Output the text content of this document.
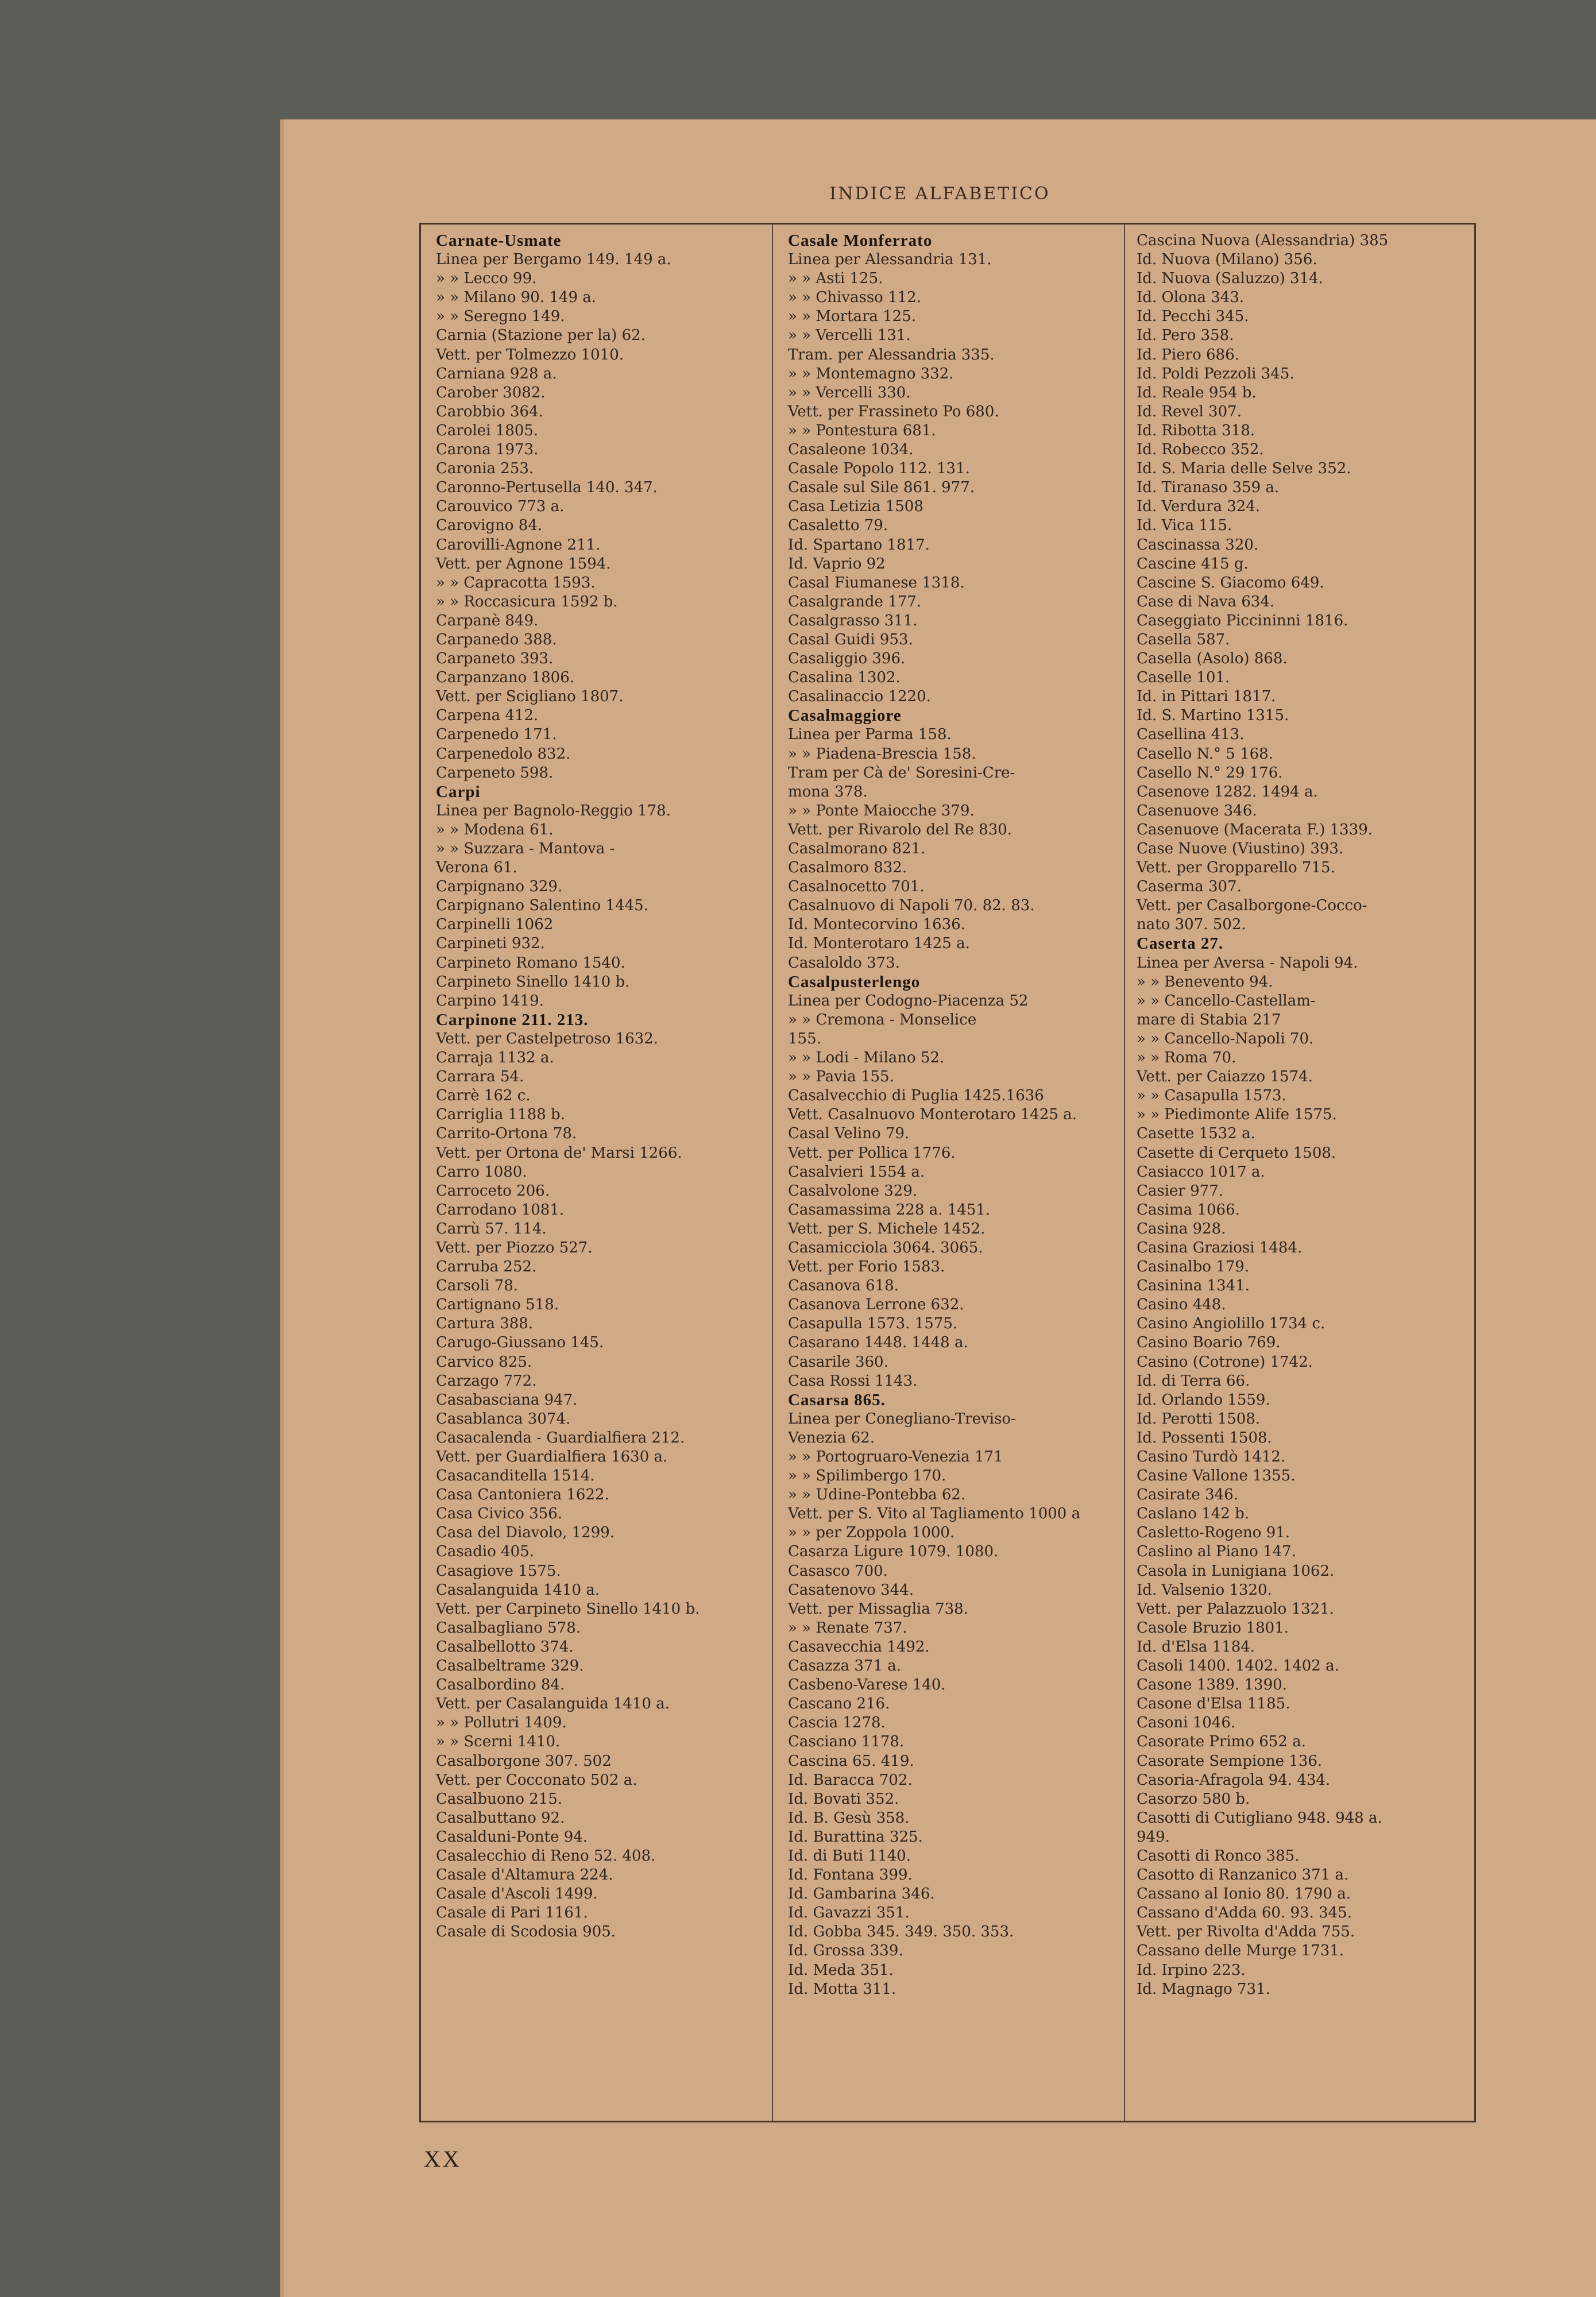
INDICE ALFABETICO
Carnate-Usmate
Linea per Bergamo 149. 149 a.
» » Lecco 99.
» » Milano 90. 149 a.
» » Seregno 149.
Carnia (Stazione per la) 62.
Vett. per Tolmezzo 1010.
Carniana 928 a.
Carober 3082.
Carobbio 364.
Carolei 1805.
Carona 1973.
Caronia 253.
Caronno-Pertusella 140. 347.
Carouvico 773 a.
Carovigno 84.
Carovilli-Agnone 211.
Vett. per Agnone 1594.
» » Capracotta 1593.
» » Roccasicura 1592 b.
Carpanè 849.
Carpanedo 388.
Carpaneto 393.
Carpanzano 1806.
Vett. per Scigliano 1807.
Carpena 412.
Carpenedo 171.
Carpenedolo 832.
Carpeneto 598.
Carpi
Linea per Bagnolo-Reggio 178.
» » Modena 61.
» » Suzzara - Mantova -
Verona 61.
Carpignano 329.
Carpignano Salentino 1445.
Carpinelli 1062
Carpineti 932.
Carpineto Romano 1540.
Carpineto Sinello 1410 b.
Carpino 1419.
Carpinone 211. 213.
Vett. per Castelpetroso 1632.
Carraja 1132 a.
Carrara 54.
Carrè 162 c.
Carriglia 1188 b.
Carrito-Ortona 78.
Vett. per Ortona de' Marsi 1266.
Carro 1080.
Carroceto 206.
Carrodano 1081.
Carrù 57. 114.
Vett. per Piozzo 527.
Carruba 252.
Carsoli 78.
Cartignano 518.
Cartura 388.
Carugo-Giussano 145.
Carvico 825.
Carzago 772.
Casabasciana 947.
Casablanca 3074.
Casacalenda - Guardialfiera 212.
Vett. per Guardialfiera 1630 a.
Casacanditella 1514.
Casa Cantoniera 1622.
Casa Civico 356.
Casa del Diavolo, 1299.
Casadio 405.
Casagiove 1575.
Casalanguida 1410 a.
Vett. per Carpineto Sinello 1410 b.
Casalbagliano 578.
Casalbellotto 374.
Casalbeltrame 329.
Casalbordino 84.
Vett. per Casalanguida 1410 a.
» » Pollutri 1409.
» » Scerni 1410.
Casalborgone 307. 502
Vett. per Cocconato 502 a.
Casalbuono 215.
Casalbuttano 92.
Casalduni-Ponte 94.
Casalecchio di Reno 52. 408.
Casale d'Altamura 224.
Casale d'Ascoli 1499.
Casale di Pari 1161.
Casale di Scodosia 905.
Casale Monferrato
Linea per Alessandria 131.
» » Asti 125.
» » Chivasso 112.
» » Mortara 125.
» » Vercelli 131.
Tram. per Alessandria 335.
» » Montemagno 332.
» » Vercelli 330.
Vett. per Frassineto Po 680.
» » Pontestura 681.
Casaleone 1034.
Casale Popolo 112. 131.
Casale sul Sile 861. 977.
Casa Letizia 1508
Casaletto 79.
Id. Spartano 1817.
Id. Vaprio 92
Casal Fiumanese 1318.
Casalgrande 177.
Casalgrasso 311.
Casal Guidi 953.
Casaliggio 396.
Casalina 1302.
Casalinaccio 1220.
Casalmaggiore
Linea per Parma 158.
» » Piadena-Brescia 158.
Tram per Cà de' Soresini-Cre-
mona 378.
» » Ponte Maiocche 379.
Vett. per Rivarolo del Re 830.
Casalmorano 821.
Casalmoro 832.
Casalnocetto 701.
Casalnuovo di Napoli 70. 82. 83.
Id. Montecorvino 1636.
Id. Monterotaro 1425 a.
Casaloldo 373.
Casalpusterlengo
Linea per Codogno-Piacenza 52
» » Cremona - Monselice
155.
» » Lodi - Milano 52.
» » Pavia 155.
Casalvecchio di Puglia 1425.1636
Vett. Casalnuovo Monterotaro 1425 a.
Casal Velino 79.
Vett. per Pollica 1776.
Casalvieri 1554 a.
Casalvolone 329.
Casamassima 228 a. 1451.
Vett. per S. Michele 1452.
Casamicciola 3064. 3065.
Vett. per Forio 1583.
Casanova 618.
Casanova Lerrone 632.
Casapulla 1573. 1575.
Casarano 1448. 1448 a.
Casarile 360.
Casa Rossi 1143.
Casarsa 865.
Linea per Conegliano-Treviso-
Venezia 62.
» » Portogruaro-Venezia 171
» » Spilimbergo 170.
» » Udine-Pontebba 62.
Vett. per S. Vito al Tagliamento 1000 a
» » per Zoppola 1000.
Casarza Ligure 1079. 1080.
Casasco 700.
Casatenovo 344.
Vett. per Missaglia 738.
» » Renate 737.
Casavecchia 1492.
Casazza 371 a.
Casbeno-Varese 140.
Cascano 216.
Cascia 1278.
Casciano 1178.
Cascina 65. 419.
Id. Baracca 702.
Id. Bovati 352.
Id. B. Gesù 358.
Id. Burattina 325.
Id. di Buti 1140.
Id. Fontana 399.
Id. Gambarina 346.
Id. Gavazzi 351.
Id. Gobba 345. 349. 350. 353.
Id. Grossa 339.
Id. Meda 351.
Id. Motta 311.
Cascina Nuova (Alessandria) 385
Id. Nuova (Milano) 356.
Id. Nuova (Saluzzo) 314.
Id. Olona 343.
Id. Pecchi 345.
Id. Pero 358.
Id. Piero 686.
Id. Poldi Pezzoli 345.
Id. Reale 954 b.
Id. Revel 307.
Id. Ribotta 318.
Id. Robecco 352.
Id. S. Maria delle Selve 352.
Id. Tiranaso 359 a.
Id. Verdura 324.
Id. Vica 115.
Cascinassa 320.
Cascine 415 g.
Cascine S. Giacomo 649.
Case di Nava 634.
Caseggiato Piccininni 1816.
Casella 587.
Casella (Asolo) 868.
Caselle 101.
Id. in Pittari 1817.
Id. S. Martino 1315.
Casellina 413.
Casello N.° 5 168.
Casello N.° 29 176.
Casenove 1282. 1494 a.
Casenuove 346.
Casenuove (Macerata F.) 1339.
Case Nuove (Viustino) 393.
Vett. per Gropparello 715.
Caserma 307.
Vett. per Casalborgone-Cocco-
nato 307. 502.
Caserta 27.
Linea per Aversa - Napoli 94.
» » Benevento 94.
» » Cancello-Castellam-
mare di Stabia 217
» » Cancello-Napoli 70.
» » Roma 70.
Vett. per Caiazzo 1574.
» » Casapulla 1573.
» » Piedimonte Alife 1575.
Casette 1532 a.
Casette di Cerqueto 1508.
Casiacco 1017 a.
Casier 977.
Casima 1066.
Casina 928.
Casina Graziosi 1484.
Casinalbo 179.
Casinina 1341.
Casino 448.
Casino Angiolillo 1734 c.
Casino Boario 769.
Casino (Cotrone) 1742.
Id. di Terra 66.
Id. Orlando 1559.
Id. Perotti 1508.
Id. Possenti 1508.
Casino Turdò 1412.
Casine Vallone 1355.
Casirate 346.
Caslano 142 b.
Casletto-Rogeno 91.
Caslino al Piano 147.
Casola in Lunigiana 1062.
Id. Valsenio 1320.
Vett. per Palazzuolo 1321.
Casole Bruzio 1801.
Id. d'Elsa 1184.
Casoli 1400. 1402. 1402 a.
Casone 1389. 1390.
Casone d'Elsa 1185.
Casoni 1046.
Casorate Primo 652 a.
Casorate Sempione 136.
Casoria-Afragola 94. 434.
Casorzo 580 b.
Casotti di Cutigliano 948. 948 a.
949.
Casotti di Ronco 385.
Casotto di Ranzanico 371 a.
Cassano al Ionio 80. 1790 a.
Cassano d'Adda 60. 93. 345.
Vett. per Rivolta d'Adda 755.
Cassano delle Murge 1731.
Id. Irpino 223.
Id. Magnago 731.
XX
